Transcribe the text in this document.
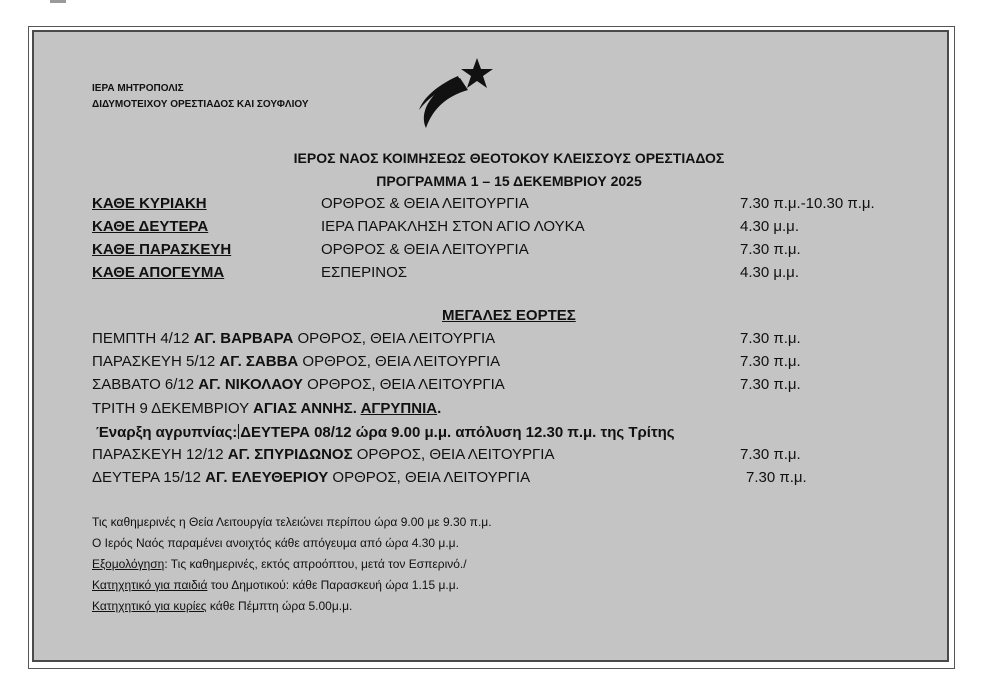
ΙΕΡΑ ΜΗΤΡΟΠΟΛΙΣ
ΔΙΔΥΜΟΤΕΙΧΟΥ ΟΡΕΣΤΙΑΔΟΣ ΚΑΙ ΣΟΥΦΛΙΟΥ
ΙΕΡΟΣ ΝΑΟΣ ΚΟΙΜΗΣΕΩΣ ΘΕΟΤΟΚΟΥ ΚΛΕΙΣΣΟΥΣ ΟΡΕΣΤΙΑΔΟΣ
ΠΡΟΓΡΑΜΜΑ 1 – 15 ΔΕΚΕΜΒΡΙΟΥ 2025
ΚΑΘΕ ΚΥΡΙΑΚΗ	ΟΡΘΡΟΣ & ΘΕΙΑ ΛΕΙΤΟΥΡΓΙΑ	7.30 π.μ.-10.30 π.μ.
ΚΑΘΕ ΔΕΥΤΕΡΑ	ΙΕΡΑ ΠΑΡΑΚΛΗΣΗ ΣΤΟΝ ΑΓΙΟ ΛΟΥΚΑ	4.30 μ.μ.
ΚΑΘΕ ΠΑΡΑΣΚΕΥΗ	ΟΡΘΡΟΣ & ΘΕΙΑ ΛΕΙΤΟΥΡΓΙΑ	7.30 π.μ.
ΚΑΘΕ ΑΠΟΓΕΥΜΑ	ΕΣΠΕΡΙΝΟΣ	4.30 μ.μ.
ΜΕΓΑΛΕΣ ΕΟΡΤΕΣ
ΠΕΜΠΤΗ 4/12 ΑΓ. ΒΑΡΒΑΡΑ ΟΡΘΡΟΣ, ΘΕΙΑ ΛΕΙΤΟΥΡΓΙΑ	7.30 π.μ.
ΠΑΡΑΣΚΕΥΗ 5/12 ΑΓ. ΣΑΒΒΑ ΟΡΘΡΟΣ, ΘΕΙΑ ΛΕΙΤΟΥΡΓΙΑ	7.30 π.μ.
ΣΑΒΒΑΤΟ 6/12 ΑΓ. ΝΙΚΟΛΑΟΥ ΟΡΘΡΟΣ, ΘΕΙΑ ΛΕΙΤΟΥΡΓΙΑ	7.30 π.μ.
ΤΡΙΤΗ 9 ΔΕΚΕΜΒΡΙΟΥ ΑΓΙΑΣ ΑΝΝΗΣ. ΑΓΡΥΠΝΙΑ.
Έναρξη αγρυπνίας: ΔΕΥΤΕΡΑ 08/12 ώρα 9.00 μ.μ. απόλυση 12.30 π.μ. της Τρίτης
ΠΑΡΑΣΚΕΥΗ 12/12 ΑΓ. ΣΠΥΡΙΔΩΝΟΣ ΟΡΘΡΟΣ, ΘΕΙΑ ΛΕΙΤΟΥΡΓΙΑ	7.30 π.μ.
ΔΕΥΤΕΡΑ 15/12 ΑΓ. ΕΛΕΥΘΕΡΙΟΥ ΟΡΘΡΟΣ, ΘΕΙΑ ΛΕΙΤΟΥΡΓΙΑ	7.30 π.μ.
Τις καθημερινές η Θεία Λειτουργία τελειώνει περίπου ώρα 9.00 με 9.30 π.μ.
Ο Ιερός Ναός παραμένει ανοιχτός κάθε απόγευμα από ώρα 4.30 μ.μ.
Εξομολόγηση: Τις καθημερινές, εκτός απροόπτου, μετά τον Εσπερινό./
Κατηχητικό για παιδιά του Δημοτικού: κάθε Παρασκευή ώρα 1.15 μ.μ.
Κατηχητικό για κυρίες κάθε Πέμπτη ώρα 5.00μ.μ.
